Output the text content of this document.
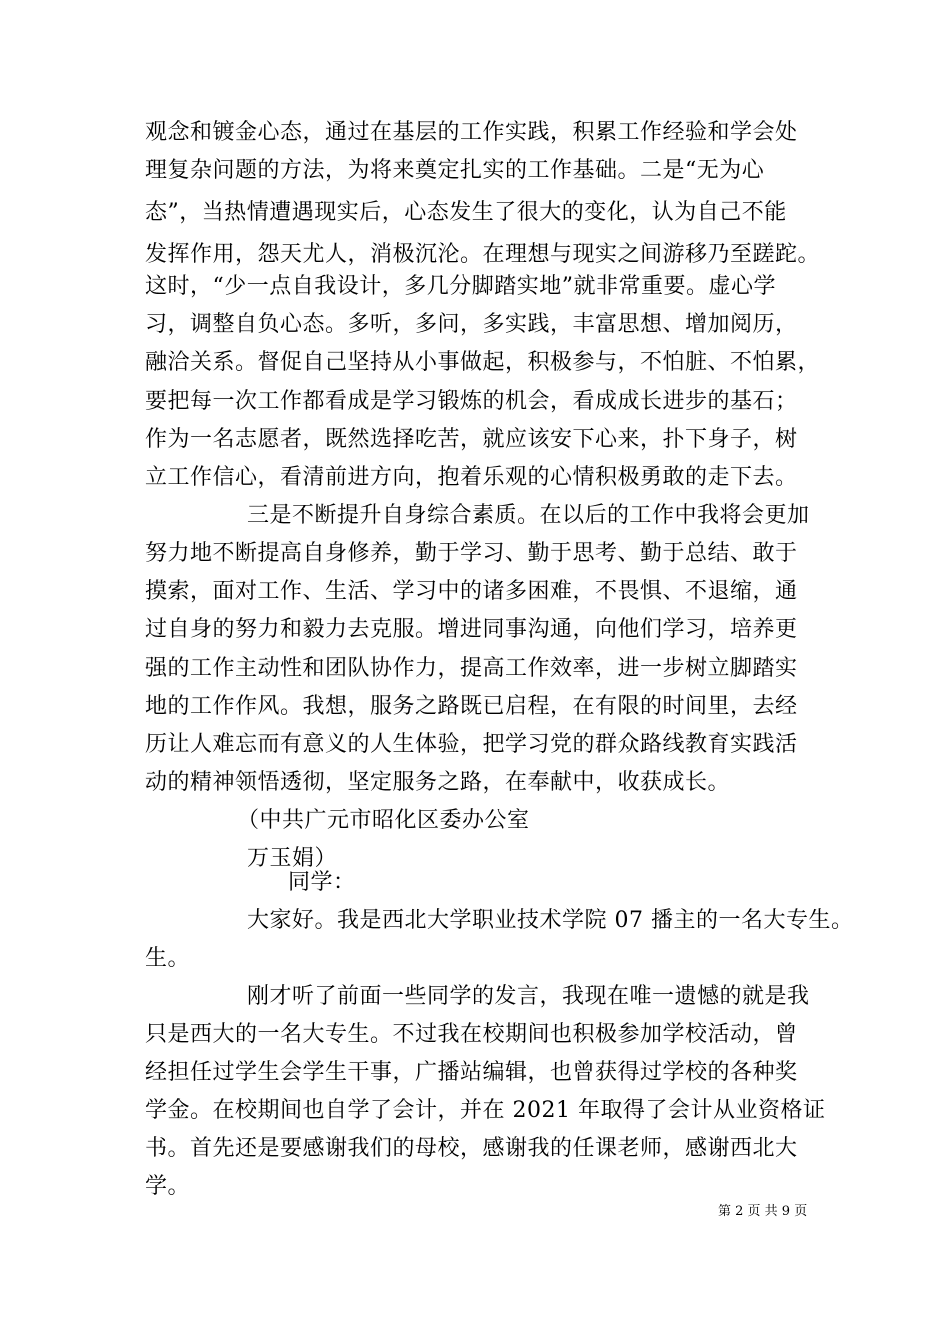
观念和镀金心态，通过在基层的工作实践，积累工作经验和学会处
理复杂问题的方法，为将来奠定扎实的工作基础。二是“无为心
态”，当热情遭遇现实后，心态发生了很大的变化，认为自己不能
发挥作用，怨天尤人，消极沉沦。在理想与现实之间游移乃至蹉跎。
这时，“少一点自我设计，多几分脚踏实地”就非常重要。虚心学
习，调整自负心态。多听，多问，多实践，丰富思想、增加阅历，
融洽关系。督促自己坚持从小事做起，积极参与，不怕脏、不怕累，
要把每一次工作都看成是学习锻炼的机会，看成成长进步的基石；
作为一名志愿者，既然选择吃苦，就应该安下心来，扑下身子，树
立工作信心，看清前进方向，抱着乐观的心情积极勇敢的走下去。
三是不断提升自身综合素质。在以后的工作中我将会更加
努力地不断提高自身修养，勤于学习、勤于思考、勤于总结、敢于
摸索，面对工作、生活、学习中的诸多困难，不畏惧、不退缩，通
过自身的努力和毅力去克服。增进同事沟通，向他们学习，培养更
强的工作主动性和团队协作力，提高工作效率，进一步树立脚踏实
地的工作作风。我想，服务之路既已启程，在有限的时间里，去经
历让人难忘而有意义的人生体验，把学习党的群众路线教育实践活
动的精神领悟透彻，坚定服务之路，在奉献中，收获成长。
（中共广元市昭化区委办公室
万玉娟）
同学：
大家好。我是西北大学职业技术学院 07 播主的一名大专生。
生。
刚才听了前面一些同学的发言，我现在唯一遗憾的就是我
只是西大的一名大专生。不过我在校期间也积极参加学校活动，曾
经担任过学生会学生干事，广播站编辑，也曾获得过学校的各种奖
学金。在校期间也自学了会计，并在 2021 年取得了会计从业资格证
书。首先还是要感谢我们的母校，感谢我的任课老师，感谢西北大
学。
第 2 页 共 9 页
